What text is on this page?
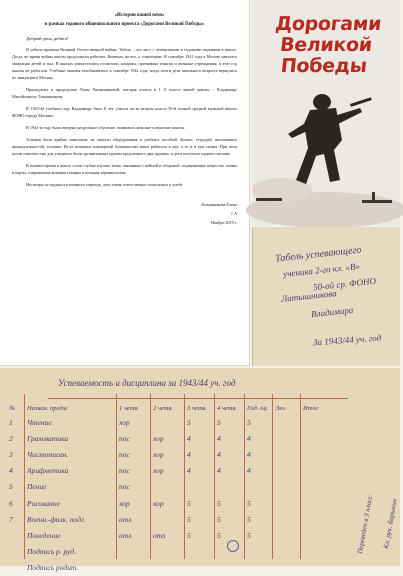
«Истории нашей вехи»
в рамках годового общешкольного проекта «Дорогами Великой Победы»
Добрый день, ребята!
Я забыла времени Великой Отечественной войны. Табель – это лист с четвертными и годовыми оценками в школе. Да-да, во время войны школы продолжали работать. Конечно, не все, к сожалению. В сентябре 1941 года в Москве началась эвакуация детей и тыл. В школах разместились госпитали, казармы, призывные пункты и военные учреждения; в этот год школы не работали. Учебные занятия возобновились в сентябре 1942 года, когда почти дети школьного возраста вернулись из эвакуации в Москву.
Принадлежу я прадедушке Лены Латышниковой, которая учится в 1 А классе вашей школы, - Владимиру Михайловичу Латышникову.
В 1943/44 учебном году Владимиру было 8 лет, учился он во втором классе 50-й полной средней мужской школы ФОНО города Москвы.
В 1943-м году было введено раздельное обучение, появились женские и мужские школы.
Условия были крайне тяжелыми: не хватало оборудования и учебных пособий, бумаги, тетрадей, письменных принадлежностей, топлива. Из-за нехватки помещений большинство школ работало в две, а то и в три смены. При этом почти повсеместно для учащихся были организованы группы продленного дня, кружки, и дети получали горячее питание.
В военное время в школе стали глубже изучать темы, связанные с войной и обороной: отравляющие вещества, планы и карты, современная военная техника и военная терминология.
Несмотря на трудности военного периода, дети очень ответственно относились к учебе.
Латышникова Елена
1 А
Ноябрь 2019 г.
Дорогами
Великой
Победы
Табель успевающего
ученика 2-го кл. «В»
50-ой ср. ФОНО
Латышникова
Владимира
За 1943/44 уч. год
Успеваемость и дисциплина за 1943/44 уч. год
№	Назван. предм.	1 четв.	2 четв.	3 четв.	4 четв.	Год. оц.	Экз.	Итог
1	Чтение	хор		5	5	5		
2	Грамматика	пос	хор	4	4	4		
3	Чистописан.	пос	хор	4	4	4		
4	Арифметика	пос	хор	4	4	4		
5	Пение	пос						
6	Рисование	хор	хор	5	5	5		
7	Военн.-физк. подг.	отл		5	5	5		
	Поведение	отл	отл	5	5	5		
	Подпись р. руд.							
	Подпись родит.							
Переведен в 3 класс Кл. рук. Барыкин
